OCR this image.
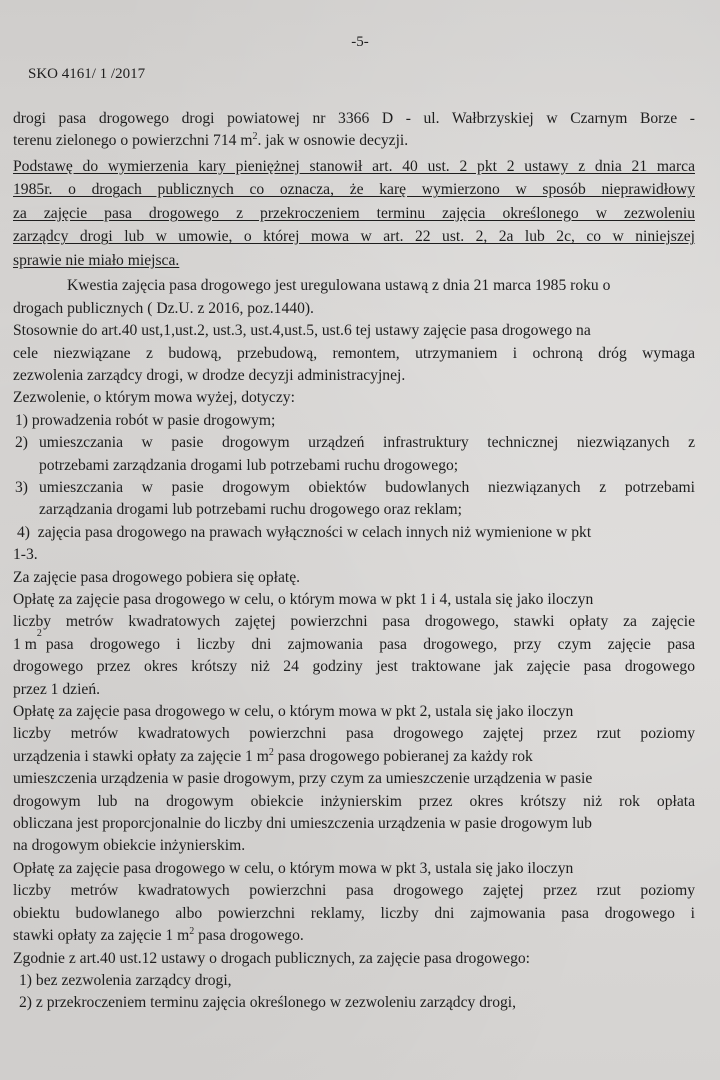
-5-
SKO 4161/ 1 /2017
drogi pasa drogowego drogi powiatowej nr 3366 D - ul. Wałbrzyskiej w Czarnym Borze -
terenu zielonego o powierzchni 714 $m^2$. jak w osnowie decyzji.
Podstawę do wymierzenia kary pieniężnej stanowił art. 40 ust. 2 pkt 2 ustawy z dnia 21 marca
1985r. o drogach publicznych co oznacza, że karę wymierzono w sposób nieprawidłowy
za zajęcie pasa drogowego z przekroczeniem terminu zajęcia określonego w zezwoleniu
zarządcy drogi lub w umowie, o której mowa w art. 22 ust. 2, 2a lub 2c, co w niniejszej
sprawie nie miało miejsca.
Kwestia zajęcia pasa drogowego jest uregulowana ustawą z dnia 21 marca 1985 roku o
drogach publicznych ( Dz.U. z 2016, poz.1440).
Stosownie do art.40 ust,1,ust.2, ust.3, ust.4,ust.5, ust.6 tej ustawy zajęcie pasa drogowego na
cele niezwiązane z budową, przebudową, remontem, utrzymaniem i ochroną dróg wymaga
zezwolenia zarządcy drogi, w drodze decyzji administracyjnej.
Zezwolenie, o którym mowa wyżej, dotyczy:
1) prowadzenia robót w pasie drogowym;
2) umieszczania w pasie drogowym urządzeń infrastruktury technicznej niezwiązanych z
potrzebami zarządzania drogami lub potrzebami ruchu drogowego;
3) umieszczania w pasie drogowym obiektów budowlanych niezwiązanych z potrzebami
zarządzania drogami lub potrzebami ruchu drogowego oraz reklam;
4) zajęcia pasa drogowego na prawach wyłączności w celach innych niż wymienione w pkt
1-3.
Za zajęcie pasa drogowego pobiera się opłatę.
Opłatę za zajęcie pasa drogowego w celu, o którym mowa w pkt 1 i 4, ustala się jako iloczyn
liczby metrów kwadratowych zajętej powierzchni pasa drogowego, stawki opłaty za zajęcie
1 m
2
pasa drogowego i liczby dni zajmowania pasa drogowego, przy czym zajęcie pasa
drogowego przez okres krótszy niż 24 godziny jest traktowane jak zajęcie pasa drogowego
przez 1 dzień.
Opłatę za zajęcie pasa drogowego w celu, o którym mowa w pkt 2, ustala się jako iloczyn
liczby metrów kwadratowych powierzchni pasa drogowego zajętej przez rzut poziomy
urządzenia i stawki opłaty za zajęcie 1 $m^2$ pasa drogowego pobieranej za każdy rok
umieszczenia urządzenia w pasie drogowym, przy czym za umieszczenie urządzenia w pasie
drogowym lub na drogowym obiekcie inżynierskim przez okres krótszy niż rok opłata
obliczana jest proporcjonalnie do liczby dni umieszczenia urządzenia w pasie drogowym lub
na drogowym obiekcie inżynierskim.
Opłatę za zajęcie pasa drogowego w celu, o którym mowa w pkt 3, ustala się jako iloczyn
liczby metrów kwadratowych powierzchni pasa drogowego zajętej przez rzut poziomy
obiektu budowlanego albo powierzchni reklamy, liczby dni zajmowania pasa drogowego i
stawki opłaty za zajęcie 1 $m^2$ pasa drogowego.
Zgodnie z art.40 ust.12 ustawy o drogach publicznych, za zajęcie pasa drogowego:
1) bez zezwolenia zarządcy drogi,
2) z przekroczeniem terminu zajęcia określonego w zezwoleniu zarządcy drogi,
